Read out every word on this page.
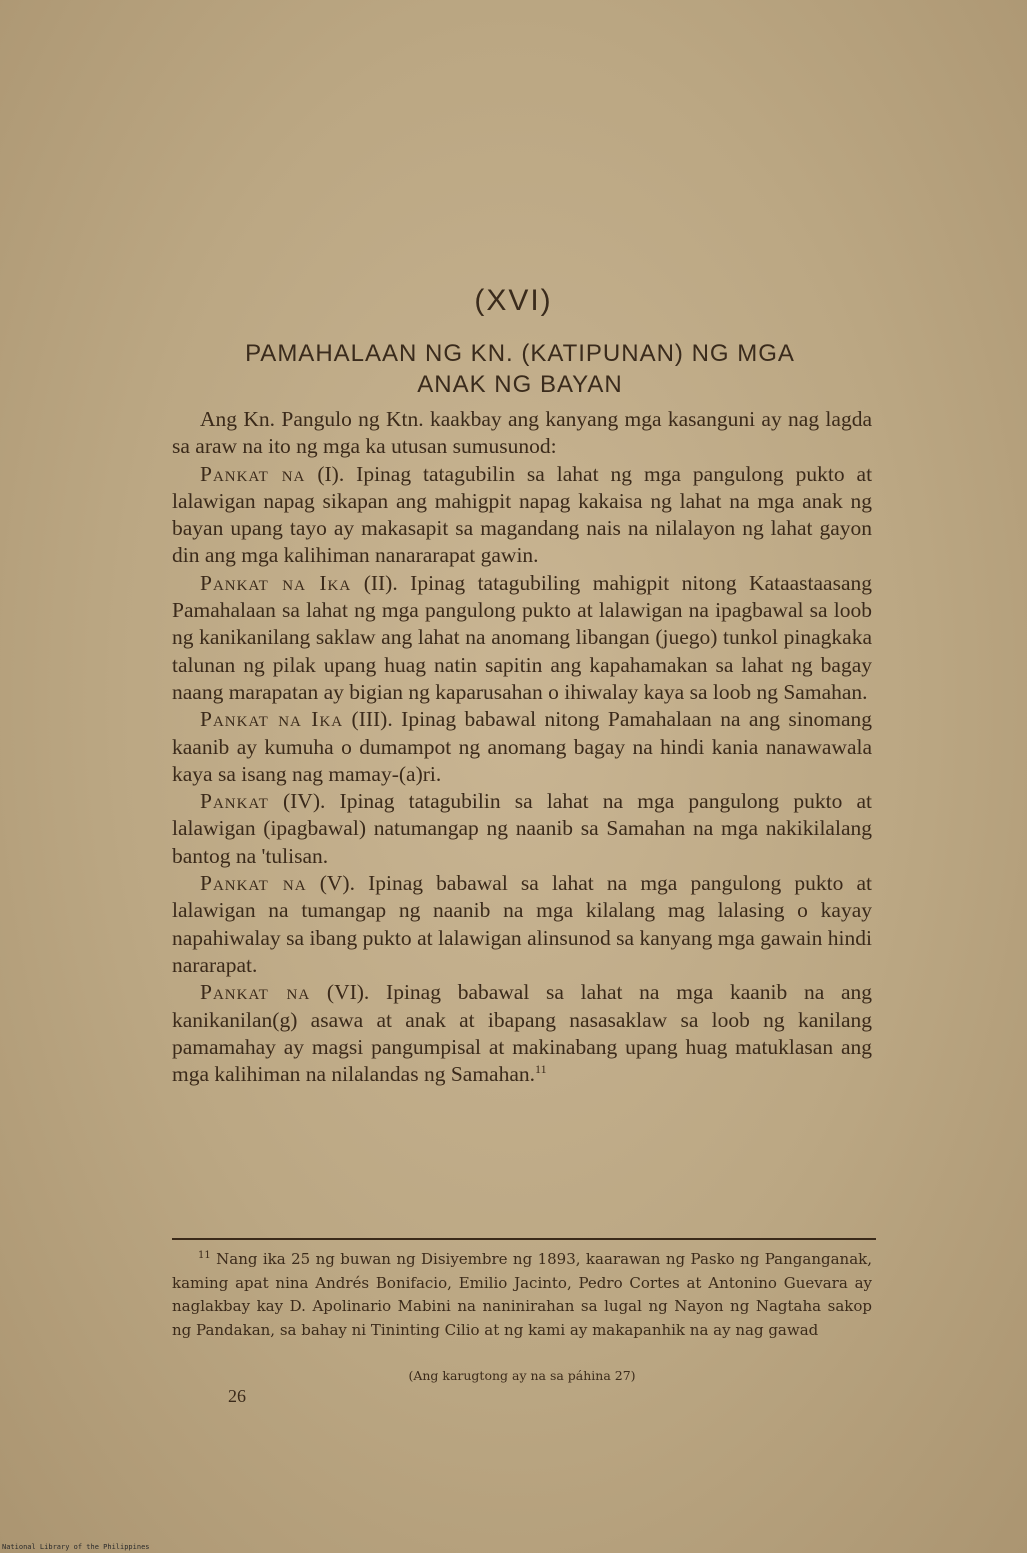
(XVI)
PAMAHALAAN NG KN. (KATIPUNAN) NG MGA
ANAK NG BAYAN

Ang Kn. Pangulo ng Ktn. kaakbay ang kanyang mga kasanguni ay nag lagda sa araw na ito ng mga ka utusan sumusunod:

Pankat na (I). Ipinag tatagubilin sa lahat ng mga pangulong pukto at lalawigan napag sikapan ang mahigpit napag kakaisa ng lahat na mga anak ng bayan upang tayo ay makasapit sa magandang nais na nilalayon ng lahat gayon din ang mga kalihiman nanararapat gawin.

Pankat na Ika (II). Ipinag tatagubiling mahigpit nitong Kataastaasang Pamahalaan sa lahat ng mga pangulong pukto at lalawigan na ipagbawal sa loob ng kanikanilang saklaw ang lahat na anomang libangan (juego) tunkol pinagkaka talunan ng pilak upang huag natin sapitin ang kapahamakan sa lahat ng bagay naang marapatan ay bigian ng kaparusahan o ihiwalay kaya sa loob ng Samahan.

Pankat na Ika (III). Ipinag babawal nitong Pamahalaan na ang sinomang kaanib ay kumuha o dumampot ng anomang bagay na hindi kania nanawawala kaya sa isang nag mamay-(a)ri.

Pankat (IV). Ipinag tatagubilin sa lahat na mga pangulong pukto at lalawigan (ipagbawal) natumangap ng naanib sa Samahan na mga nakikilalang bantog na 'tulisan.

Pankat na (V). Ipinag babawal sa lahat na mga pangulong pukto at lalawigan na tumangap ng naanib na mga kilalang mag lalasing o kayay napahiwalay sa ibang pukto at lalawigan alinsunod sa kanyang mga gawain hindi nararapat.

Pankat na (VI). Ipinag babawal sa lahat na mga kaanib na ang kanikanilan(g) asawa at anak at ibapang nasasaklaw sa loob ng kanilang pamamahay ay magsi pangumpisal at makinabang upang huag matuklasan ang mga kalihiman na nilalandas ng Samahan.$^{11}$

$^{11}$ Nang ika 25 ng buwan ng Disiyembre ng 1893, kaarawan ng Pasko ng Panganganak, kaming apat nina Andrés Bonifacio, Emilio Jacinto, Pedro Cortes at Antonino Guevara ay naglakbay kay D. Apolinario Mabini na naninirahan sa lugal ng Nayon ng Nagtaha sakop ng Pandakan, sa bahay ni Tininting Cilio at ng kami ay makapanhik na ay nag gawad
(Ang karugtong ay na sa páhina 27)
26
National Library of the Philippines
